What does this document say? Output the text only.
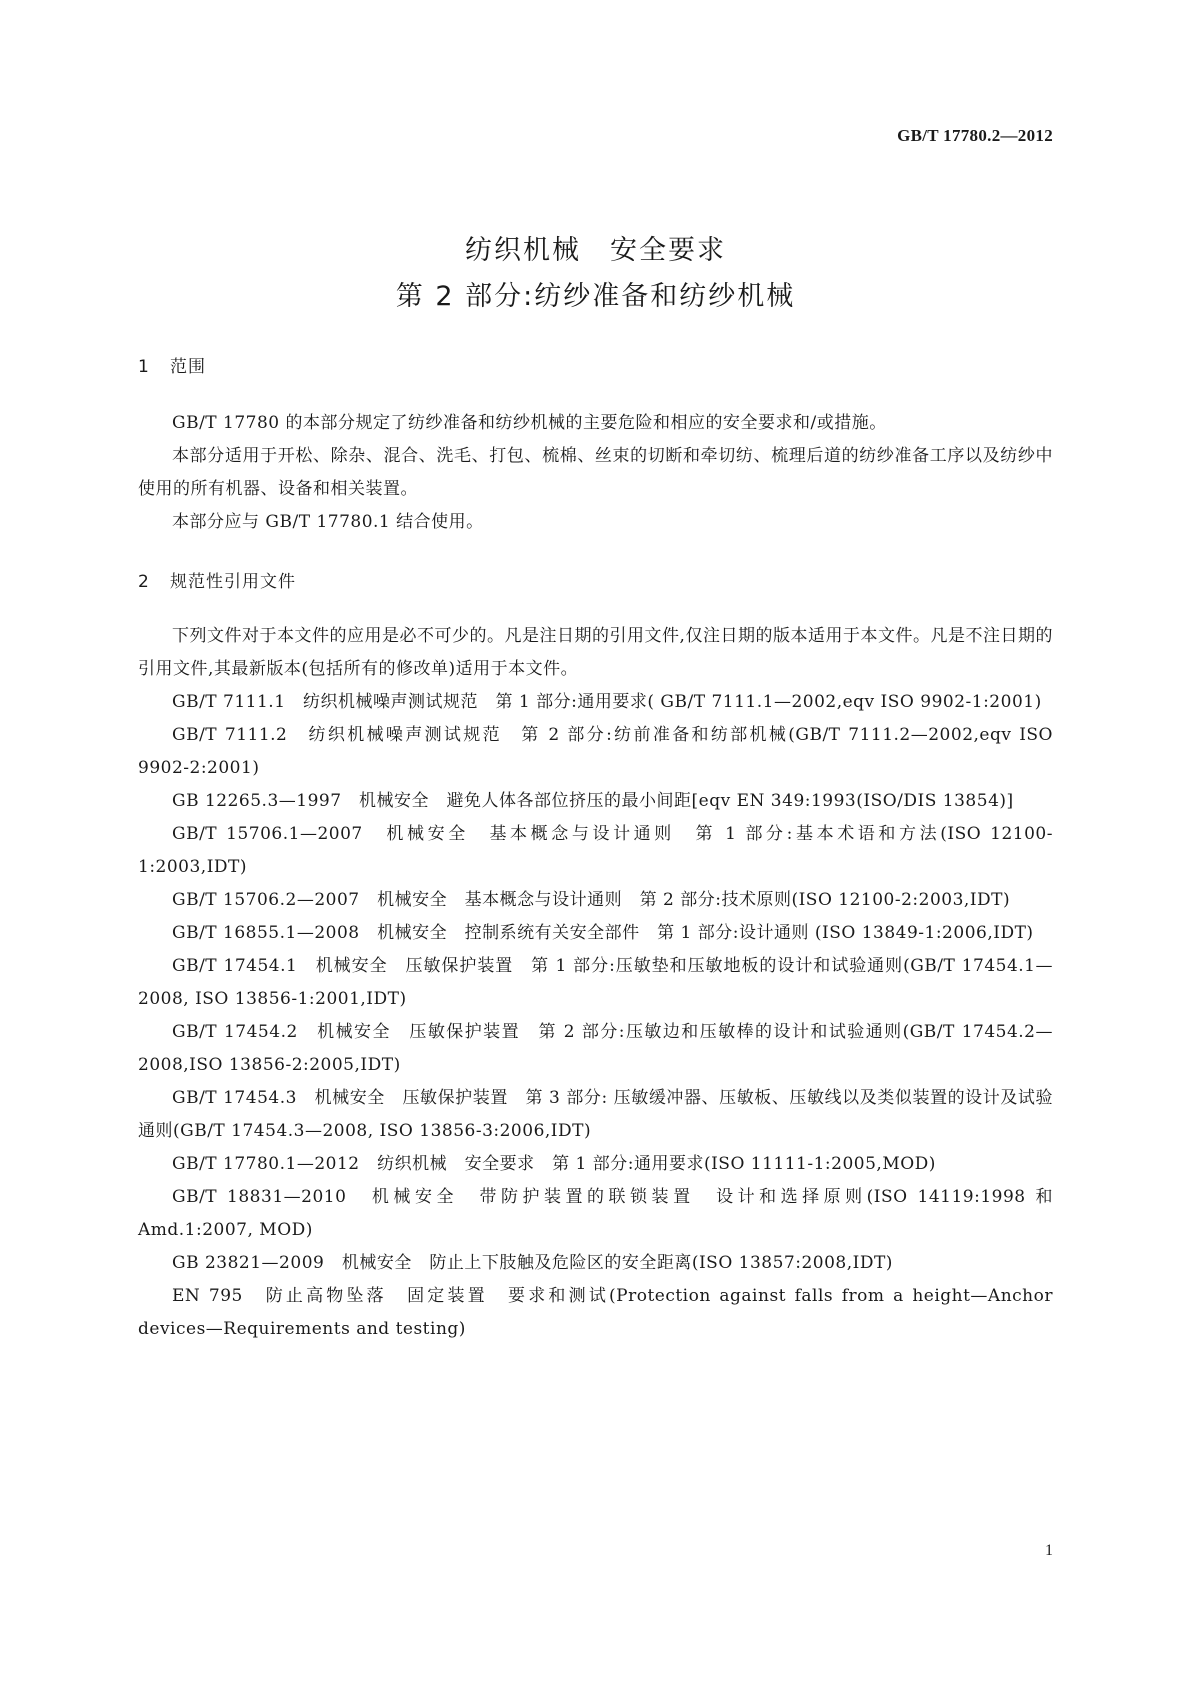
GB/T 17780.2—2012
纺织机械　安全要求
第 2 部分:纺纱准备和纺纱机械
1 范围

GB/T 17780 的本部分规定了纺纱准备和纺纱机械的主要危险和相应的安全要求和/或措施。

本部分适用于开松、除杂、混合、洗毛、打包、梳棉、丝束的切断和牵切纺、梳理后道的纺纱准备工序以及纺纱中使用的所有机器、设备和相关装置。

本部分应与 GB/T 17780.1 结合使用。

2 规范性引用文件

下列文件对于本文件的应用是必不可少的。凡是注日期的引用文件,仅注日期的版本适用于本文件。凡是不注日期的引用文件,其最新版本(包括所有的修改单)适用于本文件。

GB/T 7111.1　纺织机械噪声测试规范　第 1 部分:通用要求( GB/T 7111.1—2002,eqv ISO 9902-1:2001)

GB/T 7111.2　纺织机械噪声测试规范　第 2 部分:纺前准备和纺部机械(GB/T 7111.2—2002,eqv ISO 9902-2:2001)

GB 12265.3—1997　机械安全　避免人体各部位挤压的最小间距[eqv EN 349:1993(ISO/DIS 13854)]

GB/T 15706.1—2007　机械安全　基本概念与设计通则　第 1 部分:基本术语和方法(ISO 12100-1:2003,IDT)

GB/T 15706.2—2007　机械安全　基本概念与设计通则　第 2 部分:技术原则(ISO 12100-2:2003,IDT)

GB/T 16855.1—2008　机械安全　控制系统有关安全部件　第 1 部分:设计通则 (ISO 13849-1:2006,IDT)

GB/T 17454.1　机械安全　压敏保护装置　第 1 部分:压敏垫和压敏地板的设计和试验通则(GB/T 17454.1—2008, ISO 13856-1:2001,IDT)

GB/T 17454.2　机械安全　压敏保护装置　第 2 部分:压敏边和压敏棒的设计和试验通则(GB/T 17454.2—2008,ISO 13856-2:2005,IDT)

GB/T 17454.3　机械安全　压敏保护装置　第 3 部分: 压敏缓冲器、压敏板、压敏线以及类似装置的设计及试验通则(GB/T 17454.3—2008, ISO 13856-3:2006,IDT)

GB/T 17780.1—2012　纺织机械　安全要求　第 1 部分:通用要求(ISO 11111-1:2005,MOD)

GB/T 18831—2010　机械安全　带防护装置的联锁装置　设计和选择原则(ISO 14119:1998 和 Amd.1:2007, MOD)

GB 23821—2009　机械安全　防止上下肢触及危险区的安全距离(ISO 13857:2008,IDT)

EN 795　防止高物坠落　固定装置　要求和测试(Protection against falls from a height—Anchor devices—Requirements and testing)

1
